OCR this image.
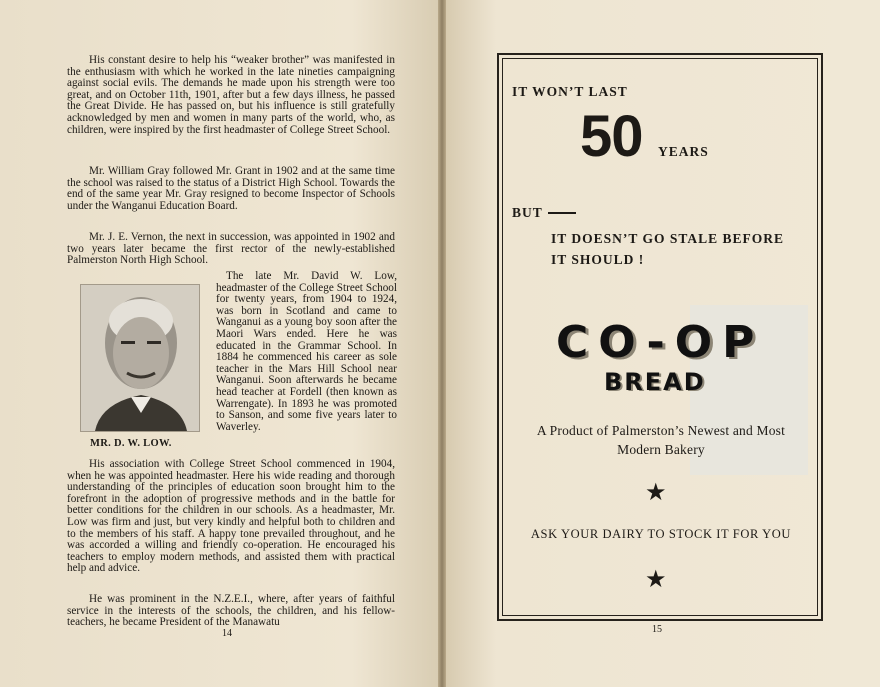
His constant desire to help his “weaker brother” was manifested in the enthusiasm with which he worked in the late nineties campaigning against social evils. The demands he made upon his strength were too great, and on October 11th, 1901, after but a few days illness, he passed the Great Divide. He has passed on, but his influence is still gratefully acknowledged by men and women in many parts of the world, who, as children, were inspired by the first headmaster of College Street School.

Mr. William Gray followed Mr. Grant in 1902 and at the same time the school was raised to the status of a District High School. Towards the end of the same year Mr. Gray resigned to become Inspector of Schools under the Wanganui Education Board.

Mr. J. E. Vernon, the next in succession, was appointed in 1902 and two years later became the first rector of the newly-established Palmerston North High School.

MR. D. W. LOW.

The late Mr. David W. Low, headmaster of the College Street School for twenty years, from 1904 to 1924, was born in Scotland and came to Wanganui as a young boy soon after the Maori Wars ended. Here he was educated in the Grammar School. In 1884 he commenced his career as sole teacher in the Mars Hill School near Wanganui. Soon afterwards he became head teacher at Fordell (then known as Warrengate). In 1893 he was promoted to Sanson, and some five years later to Waverley.

His association with College Street School commenced in 1904, when he was appointed headmaster. Here his wide reading and thorough understanding of the principles of education soon brought him to the forefront in the adoption of progressive methods and in the battle for better conditions for the children in our schools. As a headmaster, Mr. Low was firm and just, but very kindly and helpful both to children and to the members of his staff. A happy tone prevailed throughout, and he was accorded a willing and friendly co-operation. He encouraged his teachers to employ modern methods, and assisted them with practical help and advice.

He was prominent in the N.Z.E.I., where, after years of faithful service in the interests of the schools, the children, and his fellow-teachers, he became President of the Manawatu

14
IT WON’T LAST
50 YEARS
BUT
IT DOESN’T GO STALE BEFORE
IT SHOULD !
CO-OP
BREAD
A Product of Palmerston’s Newest and Most
Modern Bakery
★
ASK YOUR DAIRY TO STOCK IT FOR YOU
★
15
